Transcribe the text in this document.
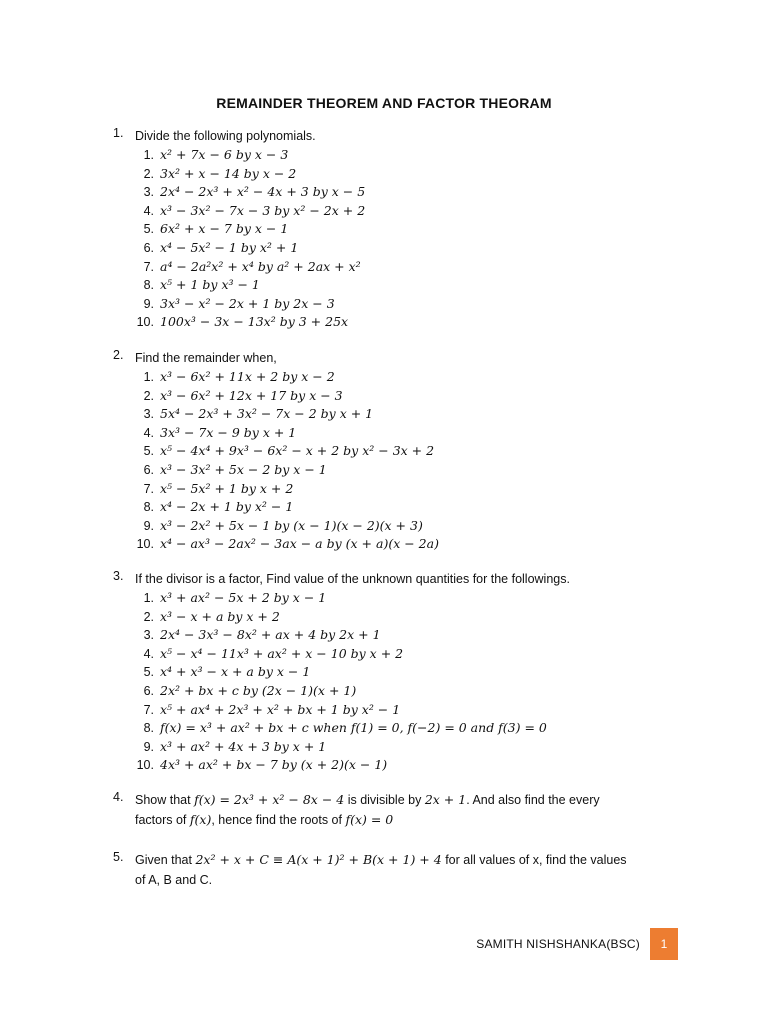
REMAINDER THEOREM AND FACTOR THEORAM
1. Divide the following polynomials.
1. x² + 7x − 6 by x − 3
2. 3x² + x − 14 by x − 2
3. 2x⁴ − 2x³ + x² − 4x + 3 by x − 5
4. x³ − 3x² − 7x − 3 by x² − 2x + 2
5. 6x² + x − 7 by x − 1
6. x⁴ − 5x² − 1 by x² + 1
7. a⁴ − 2a²x² + x⁴ by a² + 2ax + x²
8. x⁵ + 1 by x³ − 1
9. 3x³ − x² − 2x + 1 by 2x − 3
10. 100x³ − 3x − 13x² by 3 + 25x
2. Find the remainder when,
1. x³ − 6x² + 11x + 2 by x − 2
2. x³ − 6x² + 12x + 17 by x − 3
3. 5x⁴ − 2x³ + 3x² − 7x − 2 by x + 1
4. 3x³ − 7x − 9 by x + 1
5. x⁵ − 4x⁴ + 9x³ − 6x² − x + 2 by x² − 3x + 2
6. x³ − 3x² + 5x − 2 by x − 1
7. x⁵ − 5x² + 1 by x + 2
8. x⁴ − 2x + 1 by x² − 1
9. x³ − 2x² + 5x − 1 by (x − 1)(x − 2)(x + 3)
10. x⁴ − ax³ − 2ax² − 3ax − a by (x + a)(x − 2a)
3. If the divisor is a factor, Find value of the unknown quantities for the followings.
1. x³ + ax² − 5x + 2 by x − 1
2. x³ − x + a by x + 2
3. 2x⁴ − 3x³ − 8x² + ax + 4 by 2x + 1
4. x⁵ − x⁴ − 11x³ + ax² + x − 10 by x + 2
5. x⁴ + x³ − x + a by x − 1
6. 2x² + bx + c by (2x − 1)(x + 1)
7. x⁵ + ax⁴ + 2x³ + x² + bx + 1 by x² − 1
8. f(x) = x³ + ax² + bx + c when f(1) = 0, f(−2) = 0 and f(3) = 0
9. x³ + ax² + 4x + 3 by x + 1
10. 4x³ + ax² + bx − 7 by (x + 2)(x − 1)
4. Show that f(x) = 2x³ + x² − 8x − 4 is divisible by 2x + 1. And also find the every
factors of f(x), hence find the roots of f(x) = 0
5. Given that 2x² + x + C ≡ A(x + 1)² + B(x + 1) + 4 for all values of x, find the values
of A, B and C.
SAMITH NISHSHANKA(BSC)	1
